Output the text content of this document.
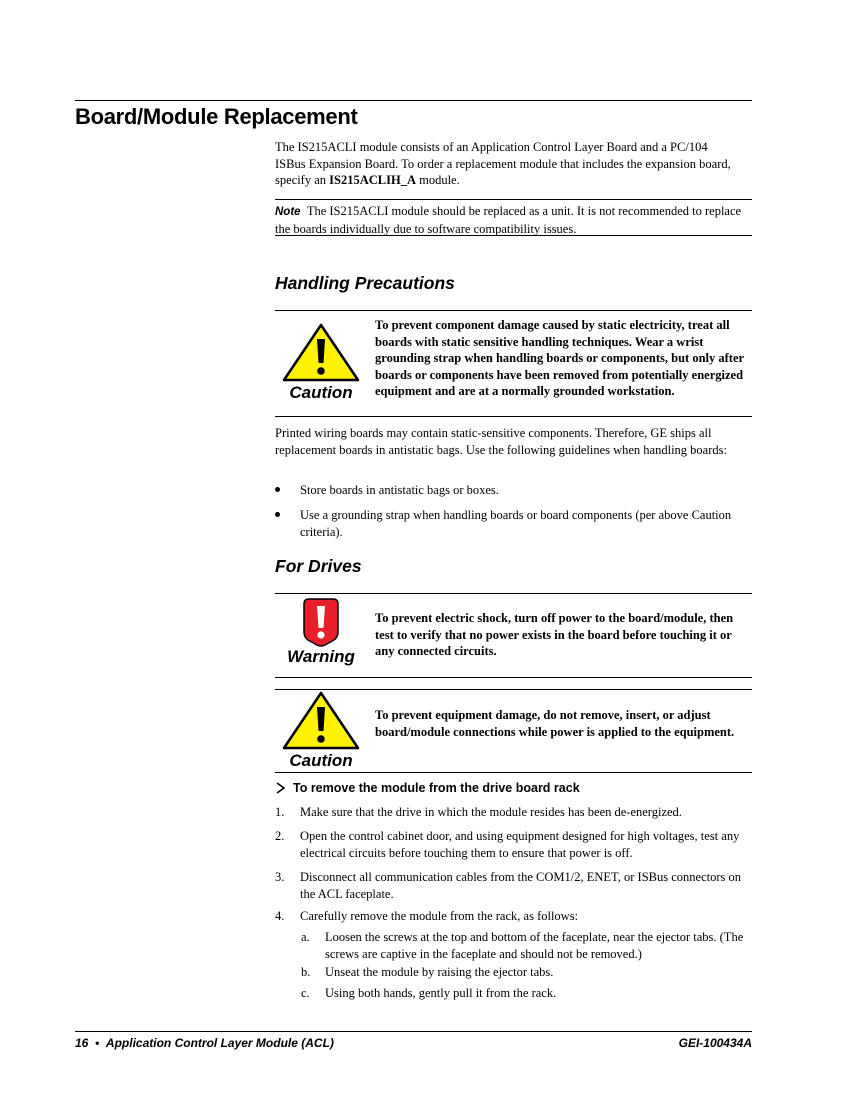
Board/Module Replacement
The IS215ACLI module consists of an Application Control Layer Board and a PC/104 ISBus Expansion Board. To order a replacement module that includes the expansion board, specify an IS215ACLIH_A module.
Note The IS215ACLI module should be replaced as a unit. It is not recommended to replace the boards individually due to software compatibility issues.
Handling Precautions
Caution
To prevent component damage caused by static electricity, treat all boards with static sensitive handling techniques. Wear a wrist grounding strap when handling boards or components, but only after boards or components have been removed from potentially energized equipment and are at a normally grounded workstation.
Printed wiring boards may contain static-sensitive components. Therefore, GE ships all replacement boards in antistatic bags. Use the following guidelines when handling boards:
Store boards in antistatic bags or boxes.
Use a grounding strap when handling boards or board components (per above Caution criteria).
For Drives
Warning
To prevent electric shock, turn off power to the board/module, then test to verify that no power exists in the board before touching it or any connected circuits.
Caution
To prevent equipment damage, do not remove, insert, or adjust board/module connections while power is applied to the equipment.
To remove the module from the drive board rack
1. Make sure that the drive in which the module resides has been de-energized.
2. Open the control cabinet door, and using equipment designed for high voltages, test any electrical circuits before touching them to ensure that power is off.
3. Disconnect all communication cables from the COM1/2, ENET, or ISBus connectors on the ACL faceplate.
4. Carefully remove the module from the rack, as follows:
a. Loosen the screws at the top and bottom of the faceplate, near the ejector tabs. (The screws are captive in the faceplate and should not be removed.)
b. Unseat the module by raising the ejector tabs.
c. Using both hands, gently pull it from the rack.
16 • Application Control Layer Module (ACL)	GEI-100434A
